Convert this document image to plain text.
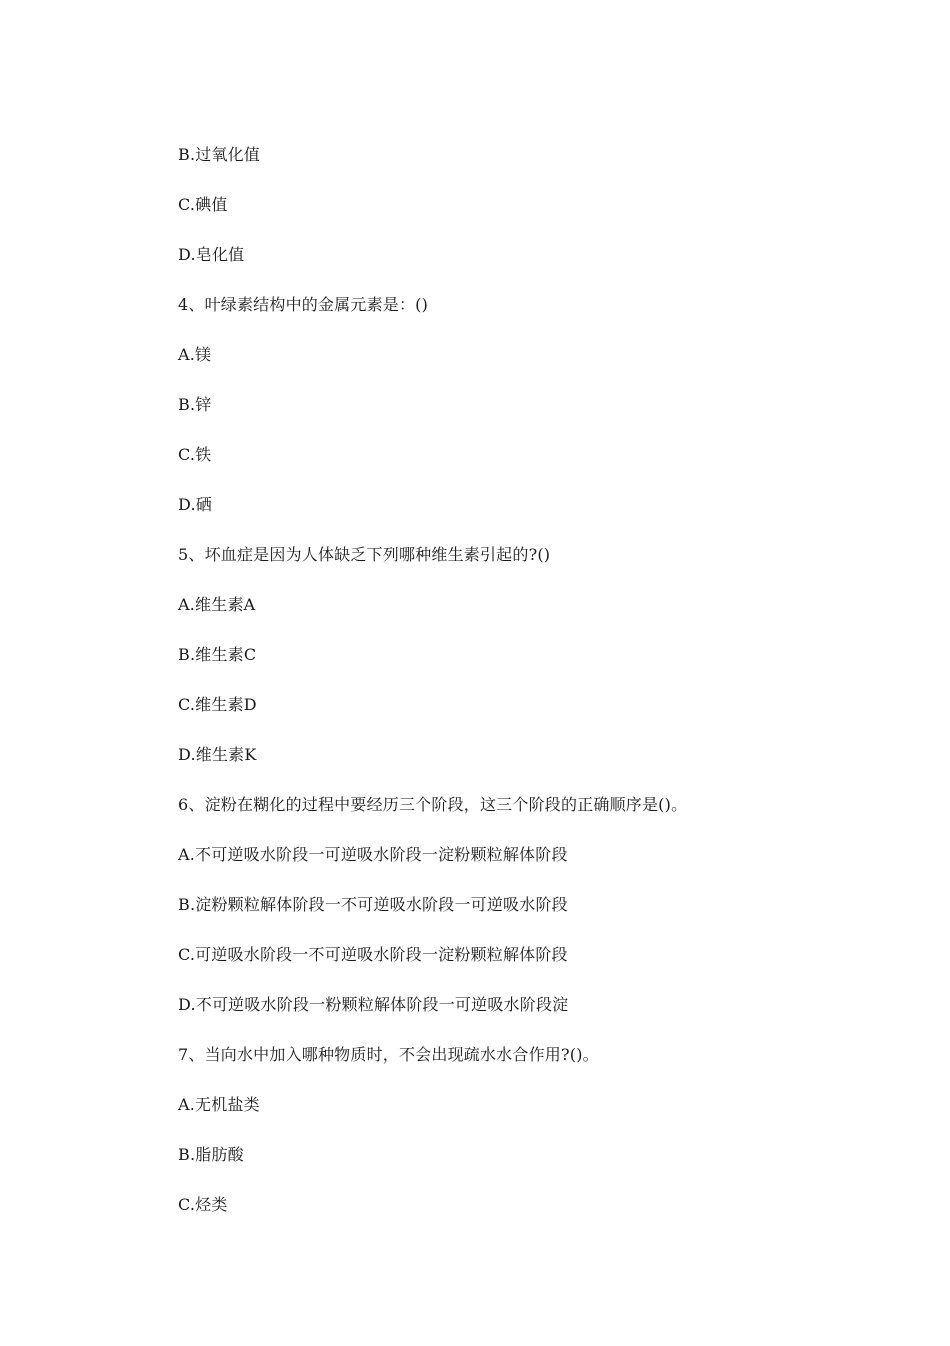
B.过氧化值
C.碘值
D.皂化值
4、叶绿素结构中的金属元素是：()
A.镁
B.锌
C.铁
D.硒
5、坏血症是因为人体缺乏下列哪种维生素引起的?()
A.维生素A
B.维生素C
C.维生素D
D.维生素K
6、淀粉在糊化的过程中要经历三个阶段，这三个阶段的正确顺序是()。
A.不可逆吸水阶段一可逆吸水阶段一淀粉颗粒解体阶段
B.淀粉颗粒解体阶段一不可逆吸水阶段一可逆吸水阶段
C.可逆吸水阶段一不可逆吸水阶段一淀粉颗粒解体阶段
D.不可逆吸水阶段一粉颗粒解体阶段一可逆吸水阶段淀
7、当向水中加入哪种物质时，不会出现疏水水合作用?()。
A.无机盐类
B.脂肪酸
C.烃类
